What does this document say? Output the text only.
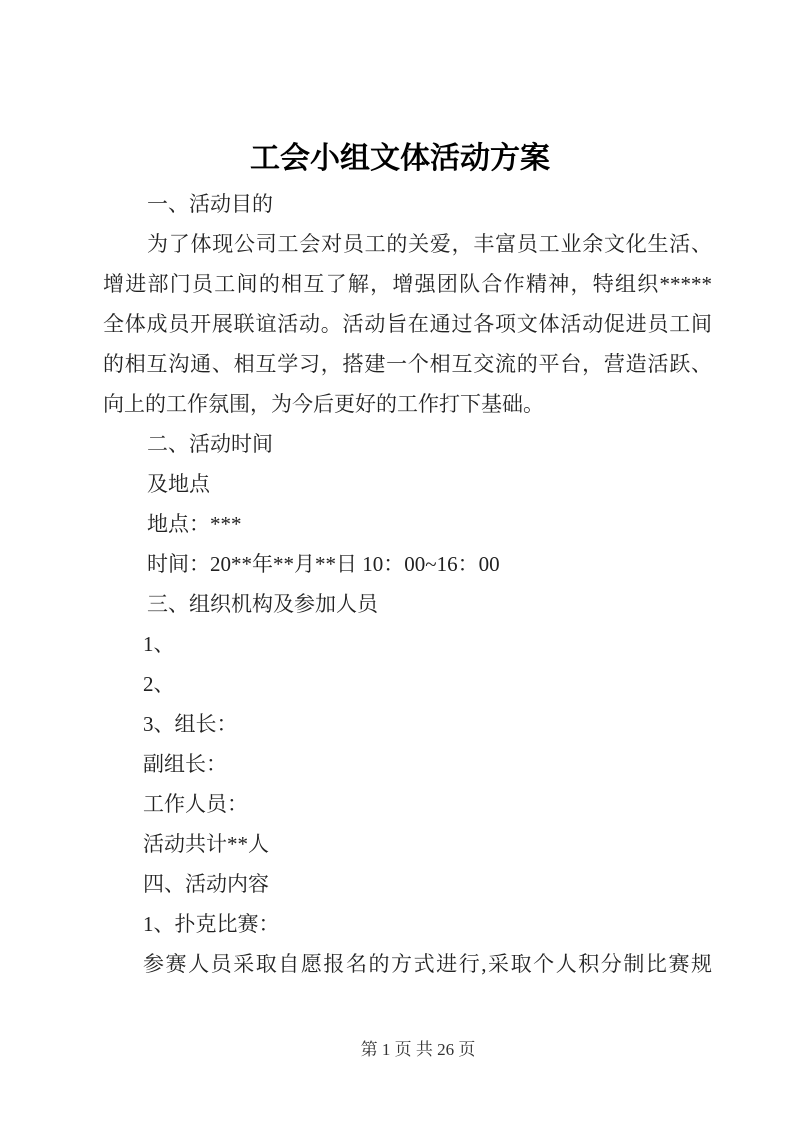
工会小组文体活动方案
一、活动目的
为了体现公司工会对员工的关爱，丰富员工业余文化生活、
增进部门员工间的相互了解，增强团队合作精神，特组织*****
全体成员开展联谊活动。活动旨在通过各项文体活动促进员工间
的相互沟通、相互学习，搭建一个相互交流的平台，营造活跃、
向上的工作氛围，为今后更好的工作打下基础。
二、活动时间
及地点
地点：***
时间：20**年**月**日 10：00~16：00
三、组织机构及参加人员
1、
2、
3、组长：
副组长：
工作人员：
活动共计**人
四、活动内容
1、扑克比赛：
参赛人员采取自愿报名的方式进行,采取个人积分制比赛规
第 1 页 共 26 页
